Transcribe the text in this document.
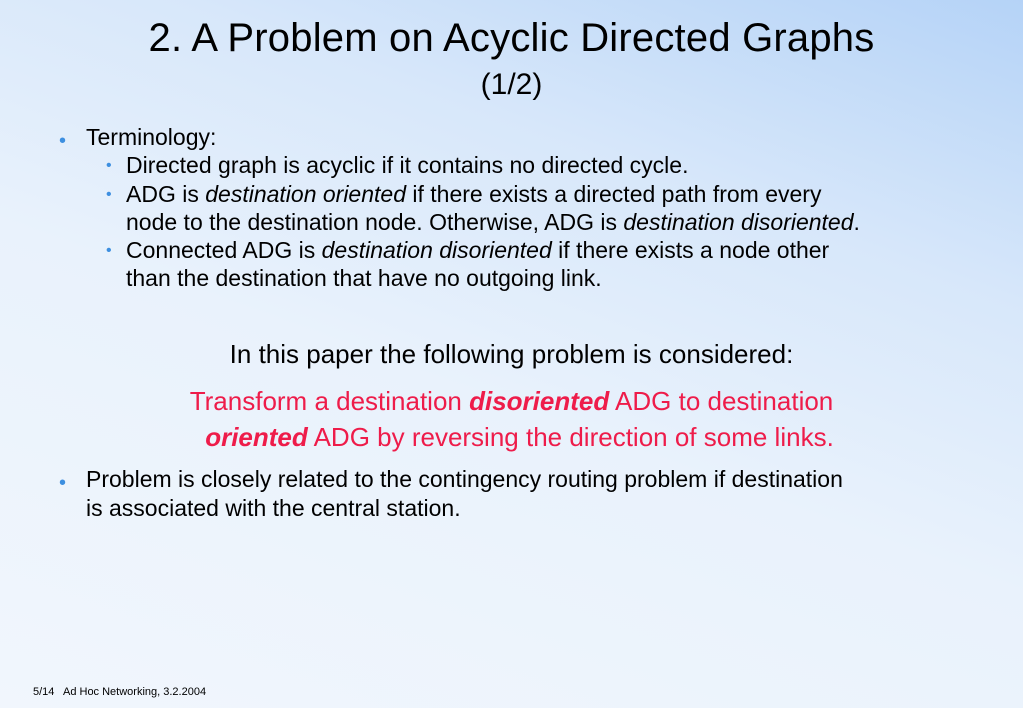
2. A Problem on Acyclic Directed Graphs
(1/2)
• Terminology:
• Directed graph is acyclic if it contains no directed cycle.
• ADG is destination oriented if there exists a directed path from every
node to the destination node. Otherwise, ADG is destination disoriented.
• Connected ADG is destination disoriented if there exists a node other
than the destination that have no outgoing link.
In this paper the following problem is considered:
Transform a destination disoriented ADG to destination
oriented ADG by reversing the direction of some links.
• Problem is closely related to the contingency routing problem if destination
is associated with the central station.
5/14 Ad Hoc Networking, 3.2.2004
